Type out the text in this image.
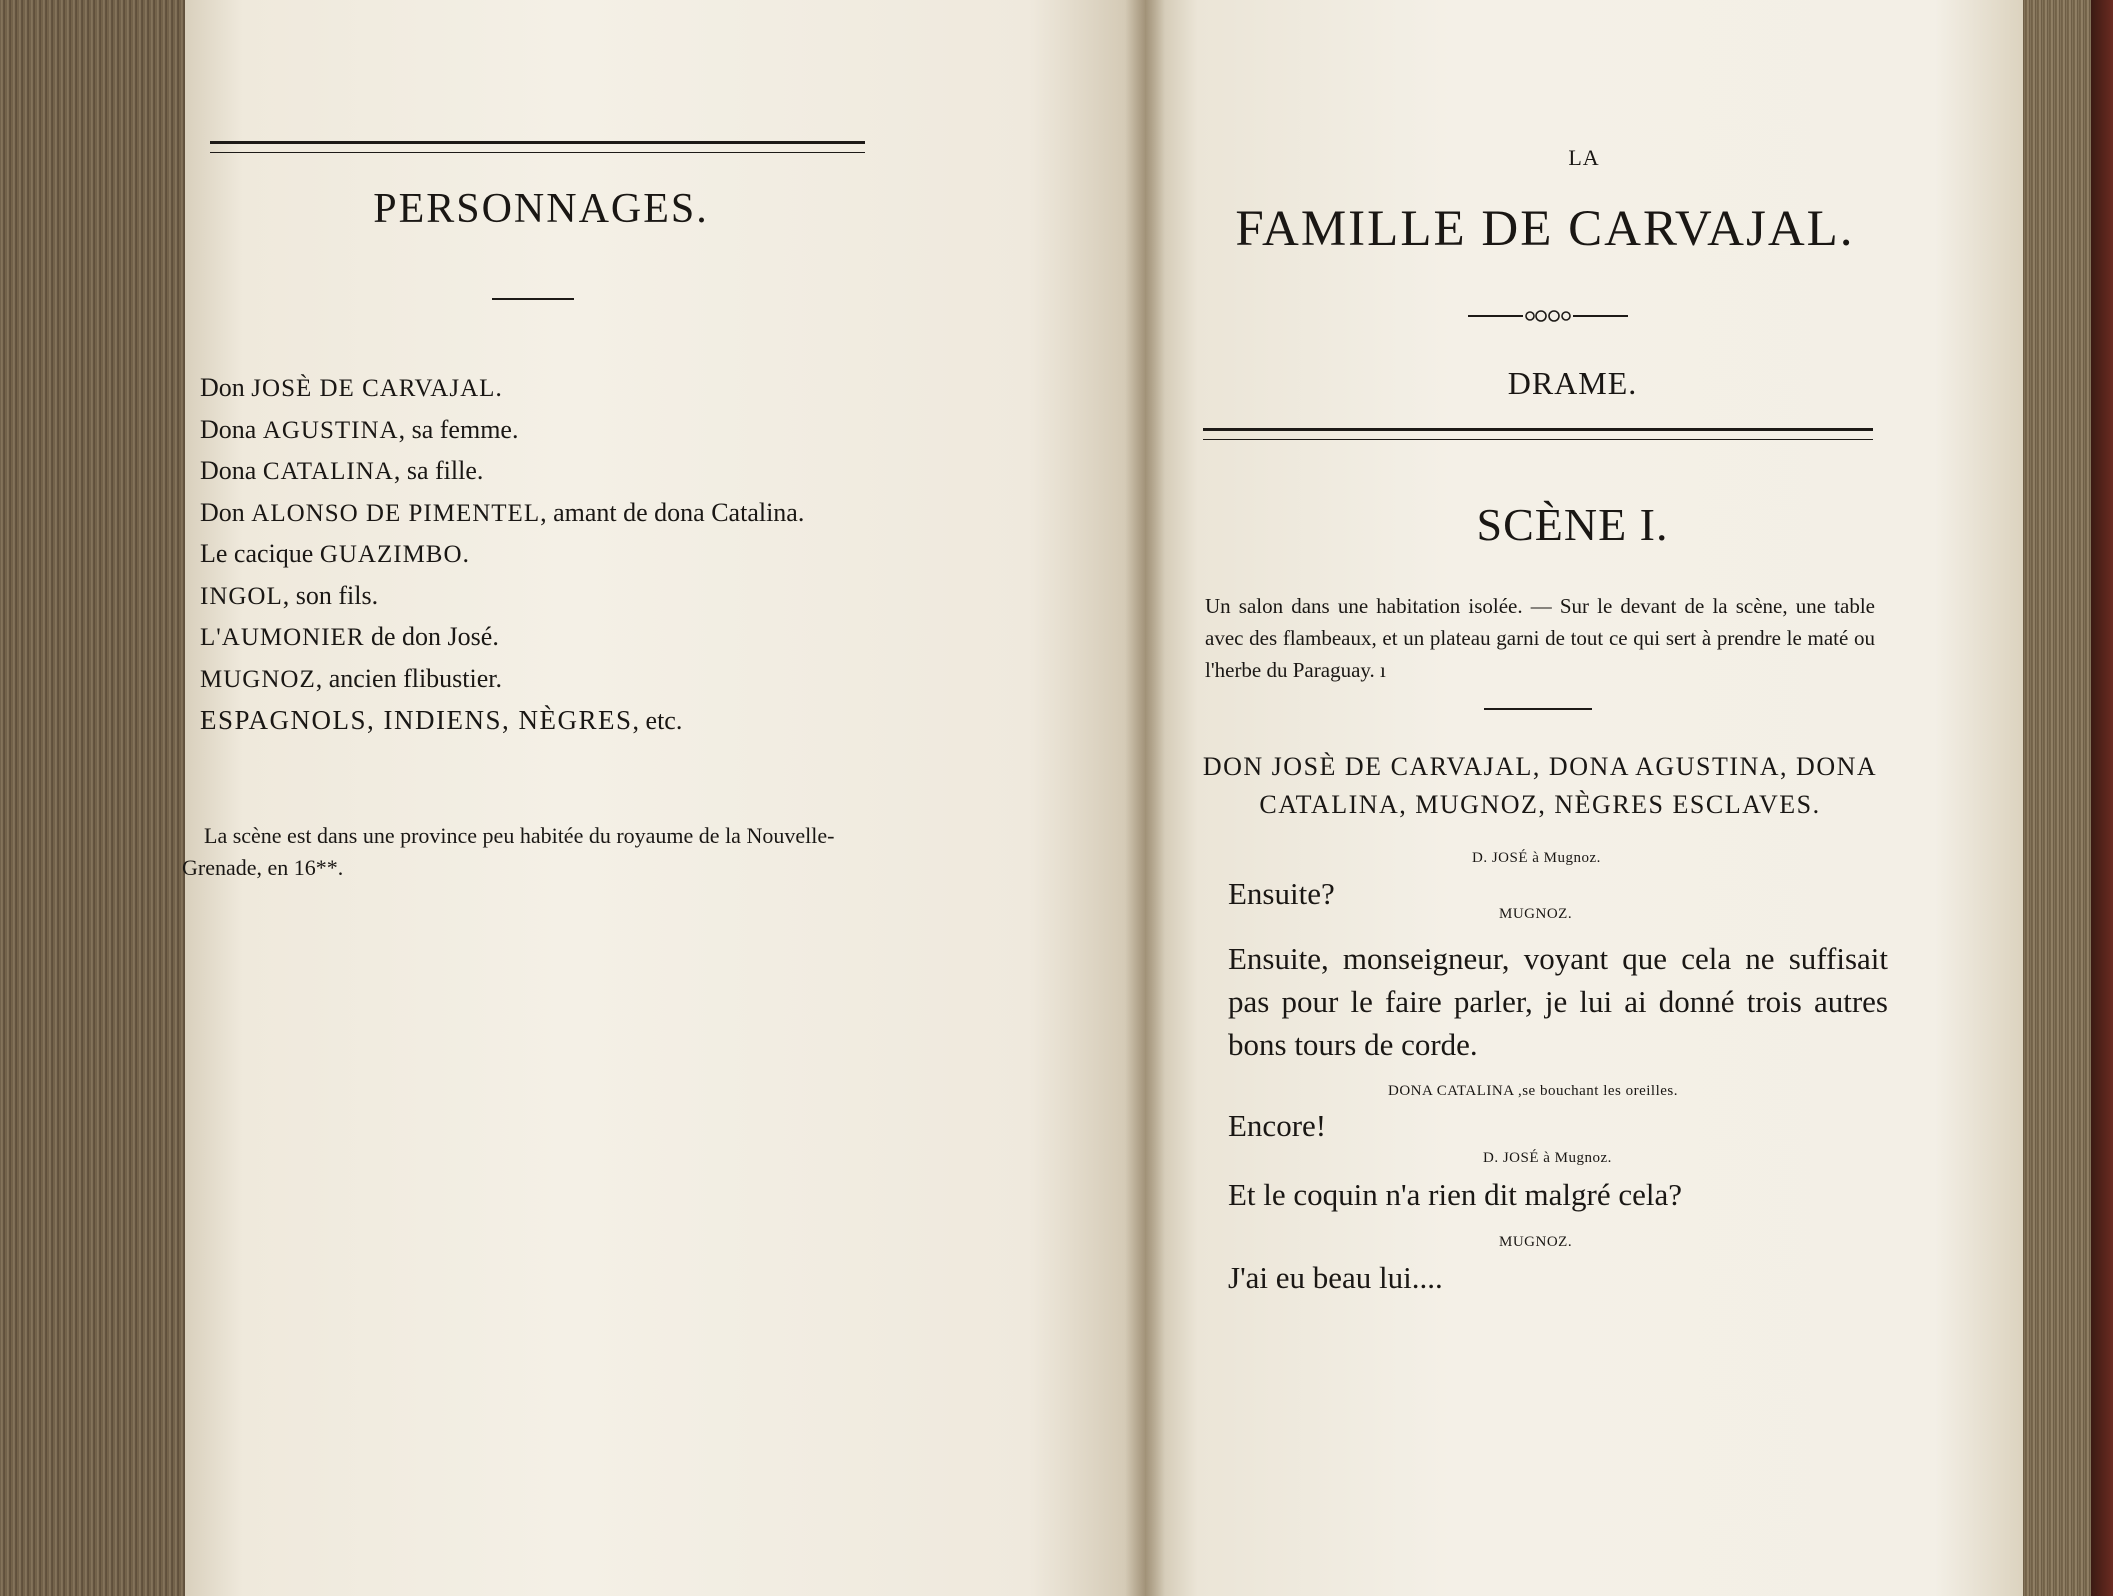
PERSONNAGES.
Don JOSÈ DE CARVAJAL.
Dona AGUSTINA, sa femme.
Dona CATALINA, sa fille.
Don ALONSO DE PIMENTEL, amant de dona Catalina.
Le cacique GUAZIMBO.
INGOL, son fils.
L'AUMONIER de don José.
MUGNOZ, ancien flibustier.
ESPAGNOLS, INDIENS, NÈGRES, etc.
La scène est dans une province peu habitée du royaume de la Nouvelle-Grenade, en 16**.
LA
FAMILLE DE CARVAJAL.
DRAME.
SCÈNE I.
Un salon dans une habitation isolée. — Sur le devant de la scène, une table avec des flambeaux, et un plateau garni de tout ce qui sert à prendre le maté ou l'herbe du Paraguay. ı
DON JOSÈ DE CARVAJAL, DONA AGUSTINA, DONA CATALINA, MUGNOZ, NÈGRES ESCLAVES.
D. JOSÉ à Mugnoz.
Ensuite?
MUGNOZ.
Ensuite, monseigneur, voyant que cela ne suffisait pas pour le faire parler, je lui ai donné trois autres bons tours de corde.
DONA CATALINA ,se bouchant les oreilles.
Encore!
D. JOSÉ à Mugnoz.
Et le coquin n'a rien dit malgré cela?
MUGNOZ.
J'ai eu beau lui....
